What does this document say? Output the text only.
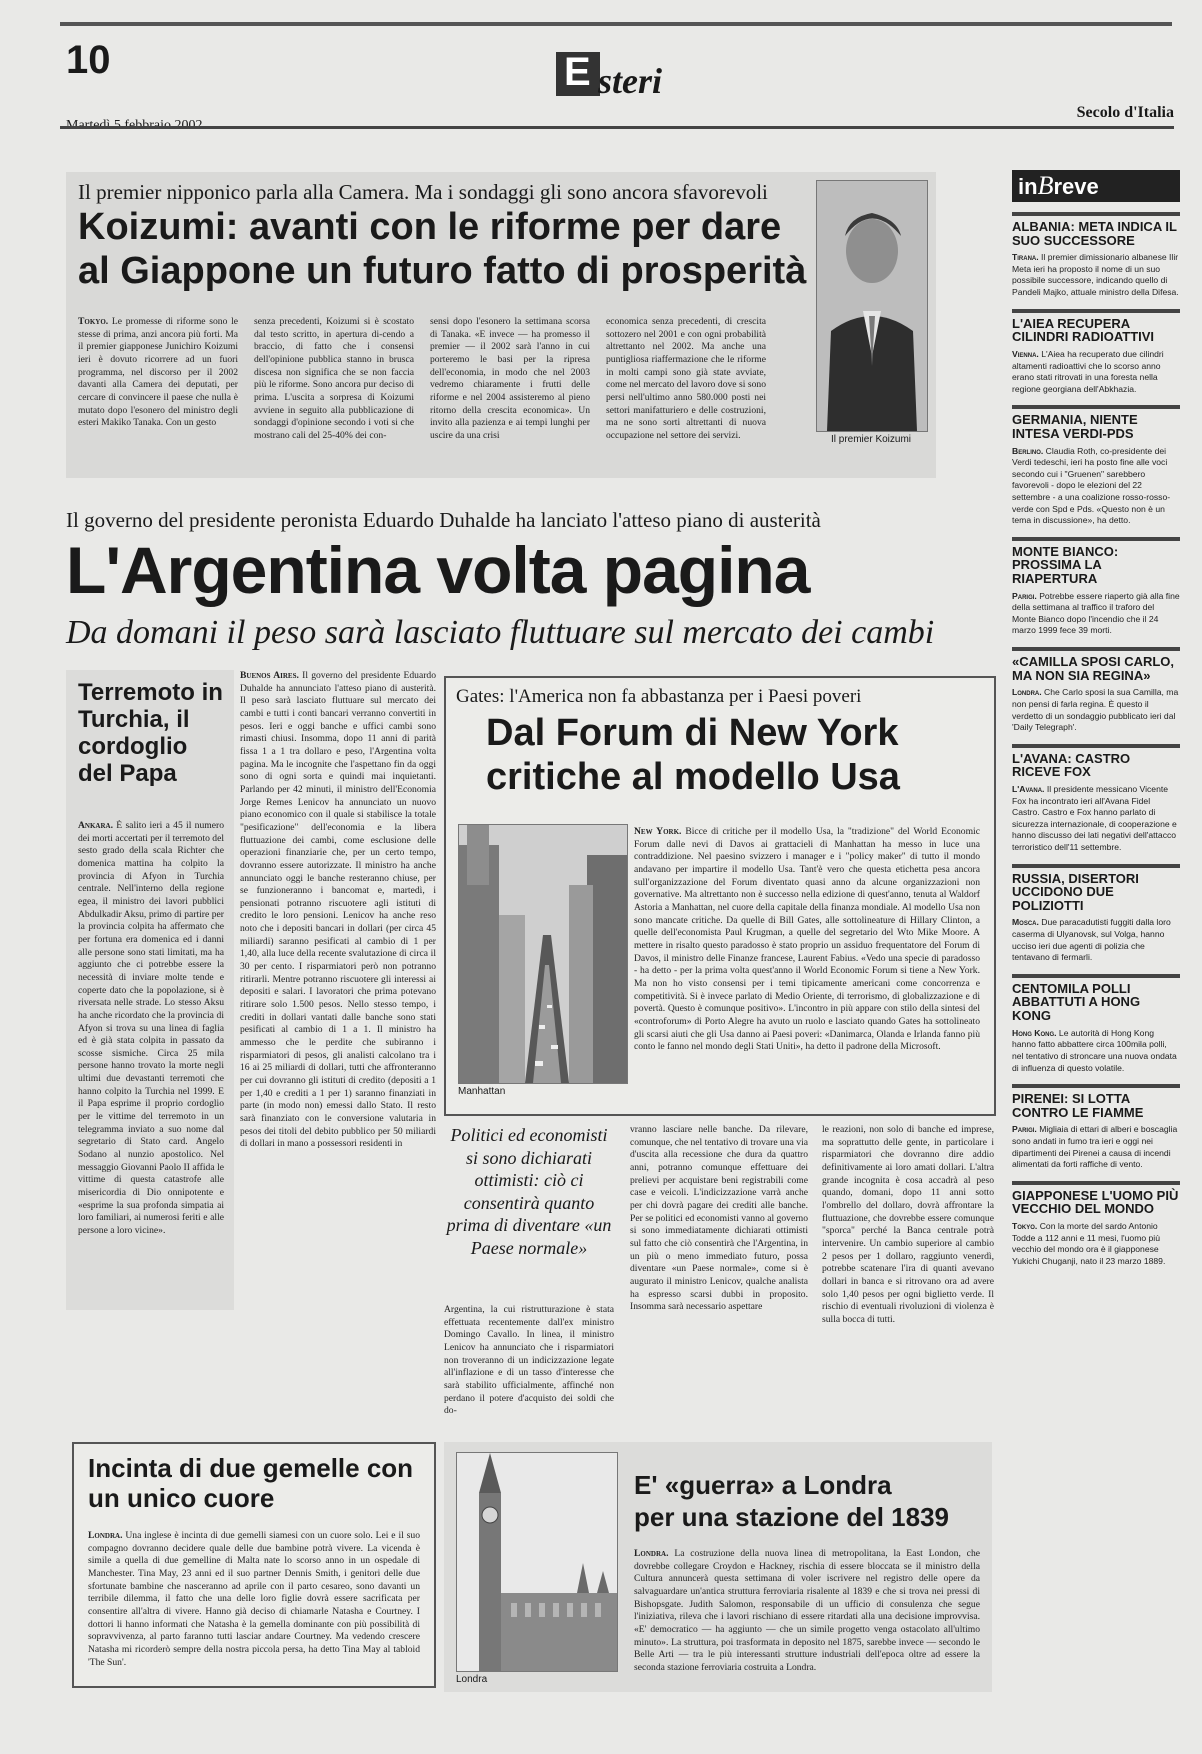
10	E steri
Secolo d'Italia
Il premier nipponico parla alla Camera. Ma i sondaggi gli sono ancora sfavorevoli
Koizumi: avanti con le riforme per dare
al Giappone un futuro fatto di prosperità
Tokyo. Le promesse di riforme sono le stesse di prima, anzi ancora più forti. Ma il premier giapponese Junichiro Koizumi ieri è dovuto ricorrere ad un fuori programma, nel discorso per il 2002 davanti alla Camera dei deputati, per cercare di convincere il paese che nulla è mutato dopo l'esonero del ministro degli esteri Makiko Tanaka. Con un gesto
senza precedenti, Koizumi si è scostato dal testo scritto, in apertura di-cendo a braccio, di fatto che i consensi dell'opinione pubblica stanno in brusca discesa non significa che se non faccia più le riforme. Sono ancora pur deciso di prima. L'uscita a sorpresa di Koizumi avviene in seguito alla pubblicazione di sondaggi d'opinione secondo i voti si che mostrano cali del 25-40% dei con-
sensi dopo l'esonero la settimana scorsa di Tanaka. «E invece — ha promesso il premier — il 2002 sarà l'anno in cui porteremo le basi per la ripresa dell'economia, in modo che nel 2003 vedremo chiaramente i frutti delle riforme e nel 2004 assisteremo al pieno ritorno della crescita economica». Un invito alla pazienza e ai tempi lunghi per uscire da una crisi
economica senza precedenti, di crescita sottozero nel 2001 e con ogni probabilità altrettanto nel 2002. Ma anche una puntigliosa riaffermazione che le riforme in molti campi sono già state avviate, come nel mercato del lavoro dove si sono persi nell'ultimo anno 580.000 posti nei settori manifatturiero e delle costruzioni, ma ne sono sorti altrettanti di nuova occupazione nel settore dei servizi.	Il premier Koizumi
inBreve
ALBANIA: META INDICA IL SUO SUCCESSORE
Tirana. Il premier dimissionario albanese Ilir Meta ieri ha proposto il nome di un suo possibile successore, indicando quello di Pandeli Majko, attuale ministro della Difesa.
L'AIEA RECUPERA CILINDRI RADIOATTIVI
Vienna. L'Aiea ha recuperato due cilindri altamenti radioattivi che lo scorso anno erano stati ritrovati in una foresta nella regione georgiana dell'Abkhazia.
GERMANIA, NIENTE INTESA VERDI-PDS
Berlino. Claudia Roth, co-presidente dei Verdi tedeschi, ieri ha posto fine alle voci secondo cui i "Gruenen" sarebbero favorevoli - dopo le elezioni del 22 settembre - a una coalizione rosso-rosso-verde con Spd e Pds. «Questo non è un tema in discussione», ha detto.
MONTE BIANCO: PROSSIMA LA RIAPERTURA
Parigi. Potrebbe essere riaperto già alla fine della settimana al traffico il traforo del Monte Bianco dopo l'incendio che il 24 marzo 1999 fece 39 morti.
«CAMILLA SPOSI CARLO, MA NON SIA REGINA»
Londra. Che Carlo sposi la sua Camilla, ma non pensi di farla regina. È questo il verdetto di un sondaggio pubblicato ieri dal 'Daily Telegraph'.
L'AVANA: CASTRO RICEVE FOX
L'Avana. Il presidente messicano Vicente Fox ha incontrato ieri all'Avana Fidel Castro. Castro e Fox hanno parlato di sicurezza internazionale, di cooperazione e hanno discusso dei lati negativi dell'attacco terroristico dell'11 settembre.
RUSSIA, DISERTORI UCCIDONO DUE POLIZIOTTI
Mosca. Due paracadutisti fuggiti dalla loro caserma di Ulyanovsk, sul Volga, hanno ucciso ieri due agenti di polizia che tentavano di fermarli.
CENTOMILA POLLI ABBATTUTI A HONG KONG
Hong Kong. Le autorità di Hong Kong hanno fatto abbattere circa 100mila polli, nel tentativo di stroncare una nuova ondata di influenza di questo volatile.
PIRENEI: SI LOTTA CONTRO LE FIAMME
Parigi. Migliaia di ettari di alberi e boscaglia sono andati in fumo tra ieri e oggi nei dipartimenti dei Pirenei a causa di incendi alimentati da forti raffiche di vento.
GIAPPONESE L'UOMO PIÙ VECCHIO DEL MONDO
Tokyo. Con la morte del sardo Antonio Todde a 112 anni e 11 mesi, l'uomo più vecchio del mondo ora è il giapponese Yukichi Chuganji, nato il 23 marzo 1889.
Il governo del presidente peronista Eduardo Duhalde ha lanciato l'atteso piano di austerità
L'Argentina volta pagina
Da domani il peso sarà lasciato fluttuare sul mercato dei cambi
Terremoto in Turchia, il cordoglio del Papa
Ankara. È salito ieri a 45 il numero dei morti accertati per il terremoto del sesto grado della scala Richter che domenica mattina ha colpito la provincia di Afyon in Turchia centrale. Nell'interno della regione egea, il ministro dei lavori pubblici Abdulkadir Aksu, primo di partire per la provincia colpita ha affermato che per fortuna era domenica ed i danni alle persone sono stati limitati, ma ha aggiunto che ci potrebbe essere la necessità di inviare molte tende e coperte dato che la popolazione, si è riversata nelle strade. Lo stesso Aksu ha anche ricordato che la provincia di Afyon si trova su una linea di faglia ed è già stata colpita in passato da scosse sismiche. Circa 25 mila persone hanno trovato la morte negli ultimi due devastanti terremoti che hanno colpito la Turchia nel 1999. E il Papa esprime il proprio cordoglio per le vittime del terremoto in un telegramma inviato a suo nome dal segretario di Stato card. Angelo Sodano al nunzio apostolico. Nel messaggio Giovanni Paolo II affida le vittime di questa catastrofe alle misericordia di Dio onnipotente e «esprime la sua profonda simpatia ai loro familiari, ai numerosi feriti e alle persone a loro vicine».
Buenos Aires. Il governo del presidente Eduardo Duhalde ha annunciato l'atteso piano di austerità. Il peso sarà lasciato fluttuare sul mercato dei cambi e tutti i conti bancari verranno convertiti in pesos. Ieri e oggi banche e uffici cambi sono rimasti chiusi. Insomma, dopo 11 anni di parità fissa 1 a 1 tra dollaro e peso, l'Argentina volta pagina. Ma le incognite che l'aspettano fin da oggi sono di ogni sorta e quindi mai inquietanti. Parlando per 42 minuti, il ministro dell'Economia Jorge Remes Lenicov ha annunciato un nuovo piano economico con il quale si stabilisce la totale "pesificazione" dell'economia e la libera fluttuazione dei cambi, come esclusione delle operazioni finanziarie che, per un certo tempo, dovranno essere autorizzate. Il ministro ha anche annunciato oggi le banche resteranno chiuse, per se funzioneranno i bancomat e, martedì, i pensionati potranno riscuotere agli istituti di credito le loro pensioni. Lenicov ha anche reso noto che i depositi bancari in dollari (per circa 45 miliardi) saranno pesificati al cambio di 1 per 1,40, alla luce della recente svalutazione di circa il 30 per cento. I risparmiatori però non potranno ritirarli. Mentre potranno riscuotere gli interessi ai depositi e salari. I lavoratori che prima potevano ritirare solo 1.500 pesos. Nello stesso tempo, i crediti in dollari vantati dalle banche sono stati pesificati al cambio di 1 a 1. Il ministro ha ammesso che le perdite che subiranno i risparmiatori di pesos, gli analisti calcolano tra i 16 ai 25 miliardi di dollari, tutti che affronteranno per cui dovranno gli istituti di credito (depositi a 1 per 1,40 e crediti a 1 per 1) saranno finanziati in parte (in modo non) emessi dallo Stato. Il resto sarà finanziato con le conversione valutaria in pesos dei titoli del debito pubblico per 50 miliardi di dollari in mano a possessori residenti in
Gates: l'America non fa abbastanza per i Paesi poveri
Dal Forum di New York
critiche al modello Usa
Manhattan
New York. Bicce di critiche per il modello Usa, la "tradizione" del World Economic Forum dalle nevi di Davos ai grattacieli di Manhattan ha messo in luce una contraddizione. Nel paesino svizzero i manager e i "policy maker" di tutto il mondo andavano per impartire il modello Usa. Tant'è vero che questa etichetta pesa ancora sull'organizzazione del Forum diventato quasi anno da alcune organizzazioni non governative. Ma altrettanto non è successo nella edizione di quest'anno, tenuta al Waldorf Astoria a Manhattan, nel cuore della capitale della finanza mondiale. Al modello Usa non sono mancate critiche. Da quelle di Bill Gates, alle sottolineature di Hillary Clinton, a quelle dell'economista Paul Krugman, a quelle del segretario del Wto Mike Moore. A mettere in risalto questo paradosso è stato proprio un assiduo frequentatore del Forum di Davos, il ministro delle Finanze francese, Laurent Fabius. «Vedo una specie di paradosso - ha detto - per la prima volta quest'anno il World Economic Forum si tiene a New York. Ma non ho visto consensi per i temi tipicamente americani come concorrenza e competitività. Si è invece parlato di Medio Oriente, di terrorismo, di globalizzazione e di povertà. Questo è comunque positivo». L'incontro in più appare con stilo della sintesi del «controforum» di Porto Alegre ha avuto un ruolo e lasciato quando Gates ha sottolineato gli scarsi aiuti che gli Usa danno ai Paesi poveri: «Danimarca, Olanda e Irlanda fanno più conto le fanno nel mondo degli Stati Uniti», ha detto il padrone della Microsoft.
Politici ed economisti si sono dichiarati ottimisti: ciò ci consentirà quanto prima di diventare «un Paese normale»
Argentina, la cui ristrutturazione è stata effettuata recentemente dall'ex ministro Domingo Cavallo. In linea, il ministro Lenicov ha annunciato che i risparmiatori non troveranno di un indicizzazione legate all'inflazione e di un tasso d'interesse che sarà stabilito ufficialmente, affinché non perdano il potere d'acquisto dei soldi che do-
vranno lasciare nelle banche. Da rilevare, comunque, che nel tentativo di trovare una via d'uscita alla recessione che dura da quattro anni, potranno comunque effettuare dei prelievi per acquistare beni registrabili come case e veicoli. L'indicizzazione varrà anche per chi dovrà pagare dei crediti alle banche. Per se politici ed economisti vanno al governo si sono immediatamente dichiarati ottimisti sul fatto che ciò consentirà che l'Argentina, in un più o meno immediato futuro, possa diventare «un Paese normale», come si è augurato il ministro Lenicov, qualche analista ha espresso scarsi dubbi in proposito. Insomma sarà necessario aspettare
le reazioni, non solo di banche ed imprese, ma soprattutto delle gente, in particolare i risparmiatori che dovranno dire addio definitivamente ai loro amati dollari. L'altra grande incognita è cosa accadrà al peso quando, domani, dopo 11 anni sotto l'ombrello del dollaro, dovrà affrontare la fluttuazione, che dovrebbe essere comunque "sporca" perché la Banca centrale potrà intervenire. Un cambio superiore al cambio 2 pesos per 1 dollaro, raggiunto venerdì, potrebbe scatenare l'ira di quanti avevano dollari in banca e si ritrovano ora ad avere solo 1,40 pesos per ogni biglietto verde. Il rischio di eventuali rivoluzioni di violenza è sulla bocca di tutti.
Incinta di due gemelle con un unico cuore
Londra. Una inglese è incinta di due gemelli siamesi con un cuore solo. Lei e il suo compagno dovranno decidere quale delle due bambine potrà vivere. La vicenda è simile a quella di due gemelline di Malta nate lo scorso anno in un ospedale di Manchester. Tina May, 23 anni ed il suo partner Dennis Smith, i genitori delle due sfortunate bambine che nasceranno ad aprile con il parto cesareo, sono davanti un terribile dilemma, il fatto che una delle loro figlie dovrà essere sacrificata per consentire all'altra di vivere. Hanno già deciso di chiamarle Natasha e Courtney. I dottori li hanno informati che Natasha è la gemella dominante con più possibilità di sopravvivenza, al parto faranno tutti lasciar andare Courtney. Ma vedendo crescere Natasha mi ricorderò sempre della nostra piccola persa, ha detto Tina May al tabloid 'The Sun'.
Londra
E' «guerra» a Londra
per una stazione del 1839
Londra. La costruzione della nuova linea di metropolitana, la East London, che dovrebbe collegare Croydon e Hackney, rischia di essere bloccata se il ministro della Cultura annuncerà questa settimana di voler iscrivere nel registro delle opere da salvaguardare un'antica struttura ferroviaria risalente al 1839 e che si trova nei pressi di Bishopsgate. Judith Salomon, responsabile di un ufficio di consulenza che segue l'iniziativa, rileva che i lavori rischiano di essere ritardati alla una decisione improvvisa. «E' democratico — ha aggiunto — che un simile progetto venga ostacolato all'ultimo minuto». La struttura, poi trasformata in deposito nel 1875, sarebbe invece — secondo le Belle Arti — tra le più interessanti strutture industriali dell'epoca oltre ad essere la seconda stazione ferroviaria costruita a Londra.
